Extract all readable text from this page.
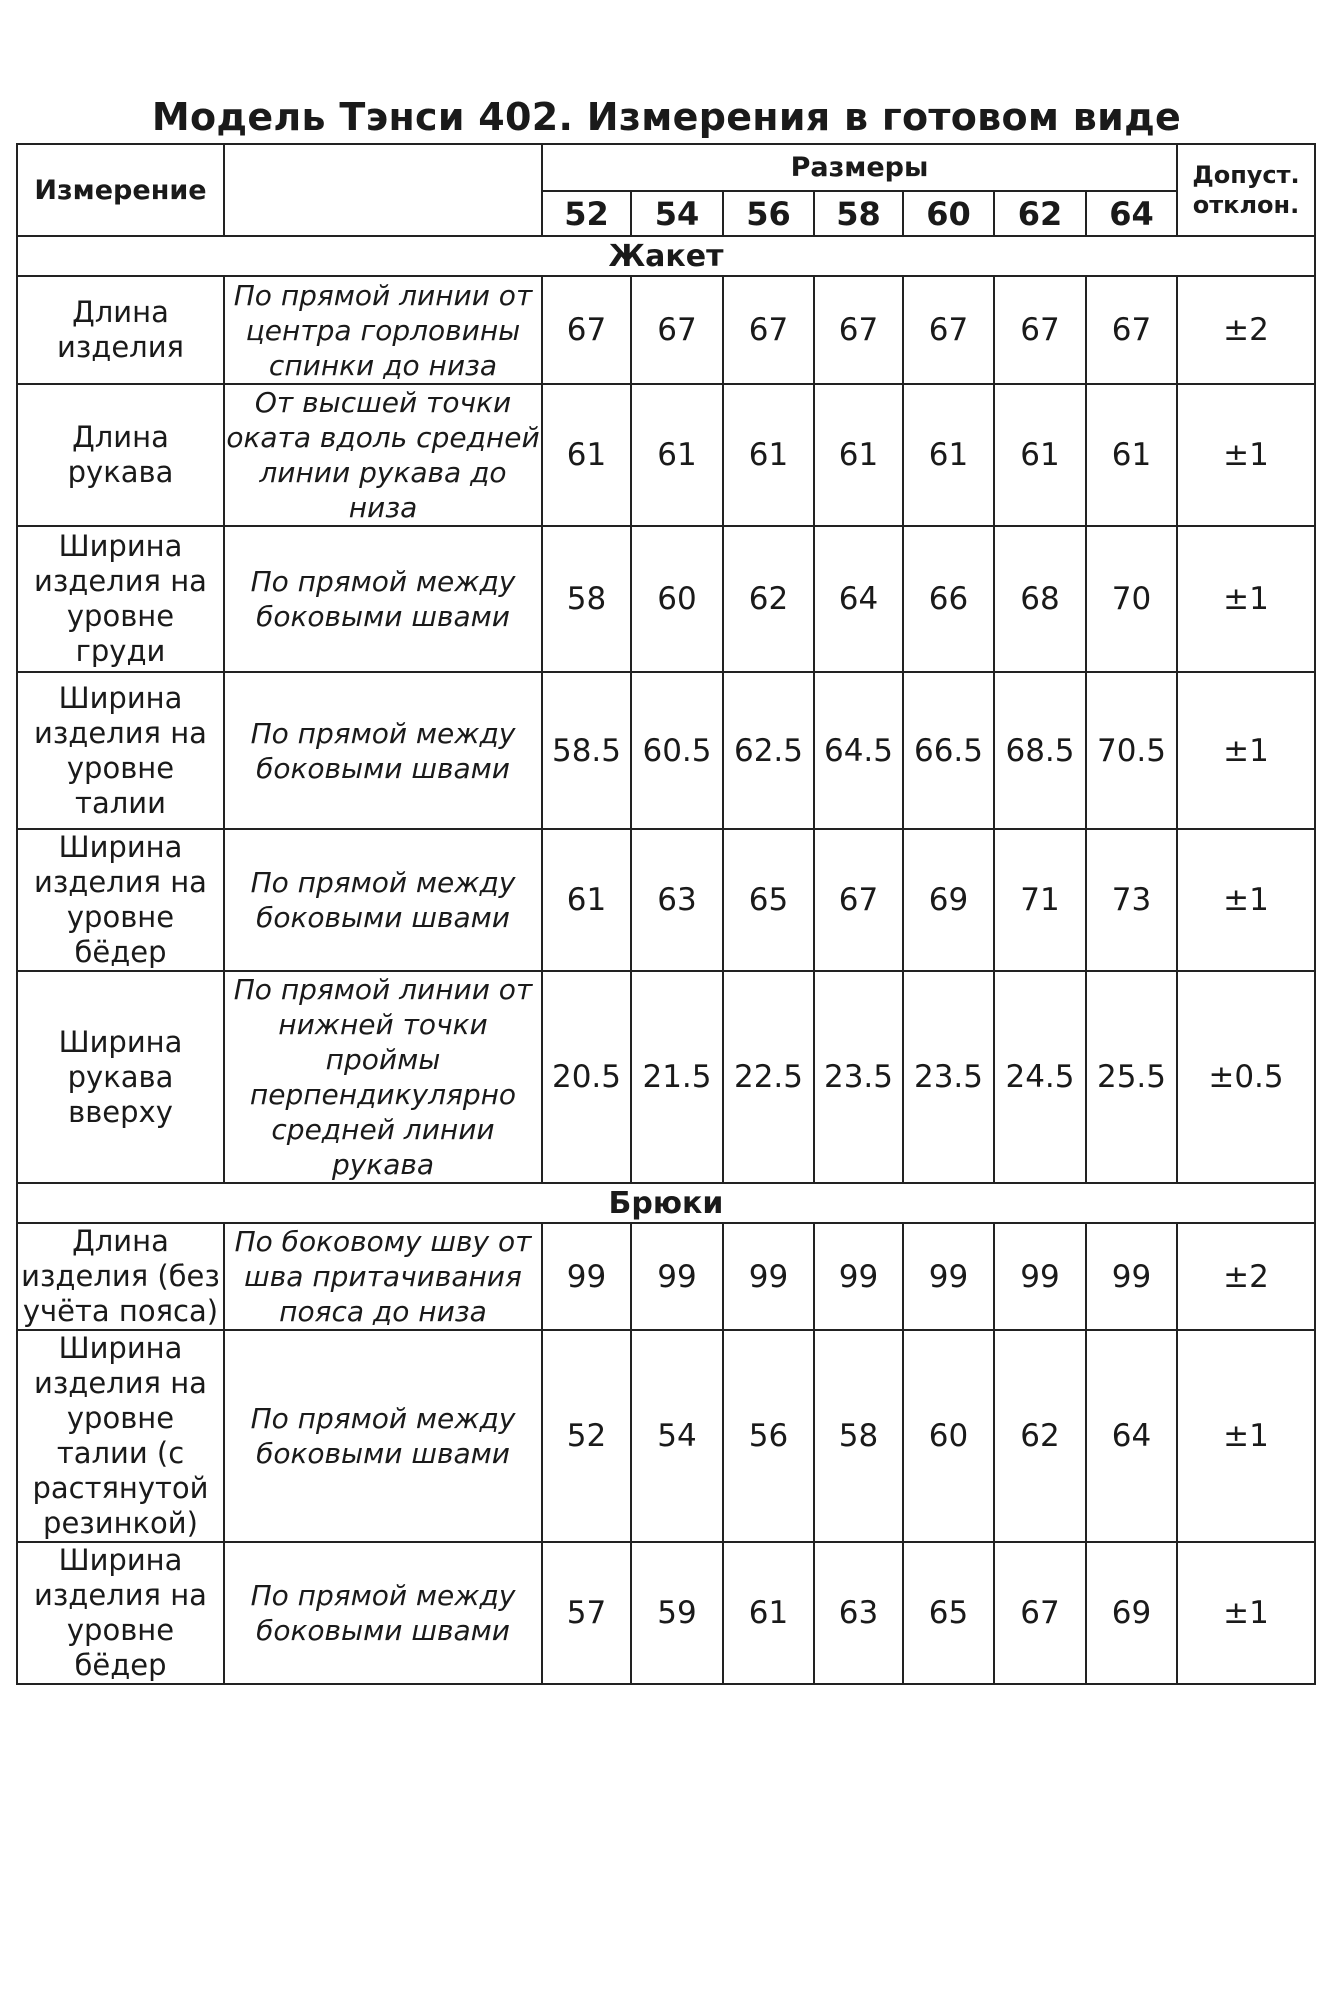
Модель Тэнси 402. Измерения в готовом виде
Измерение		Размеры							Допуст. отклон.
		52	54	56	58	60	62	64	
Жакет									
Длина изделия	По прямой линии от центра горловины спинки до низа	67	67	67	67	67	67	67	±2
Длина рукава	От высшей точки оката вдоль средней линии рукава до низа	61	61	61	61	61	61	61	±1
Ширина изделия на уровне груди	По прямой между боковыми швами	58	60	62	64	66	68	70	±1
Ширина изделия на уровне талии	По прямой между боковыми швами	58.5	60.5	62.5	64.5	66.5	68.5	70.5	±1
Ширина изделия на уровне бёдер	По прямой между боковыми швами	61	63	65	67	69	71	73	±1
Ширина рукава вверху	По прямой линии от нижней точки проймы перпендикулярно средней линии рукава	20.5	21.5	22.5	23.5	23.5	24.5	25.5	±0.5
Брюки									
Длина изделия (без учёта пояса)	По боковому шву от шва притачивания пояса до низа	99	99	99	99	99	99	99	±2
Ширина изделия на уровне талии (с растянутой резинкой)	По прямой между боковыми швами	52	54	56	58	60	62	64	±1
Ширина изделия на уровне бёдер	По прямой между боковыми швами	57	59	61	63	65	67	69	±1
